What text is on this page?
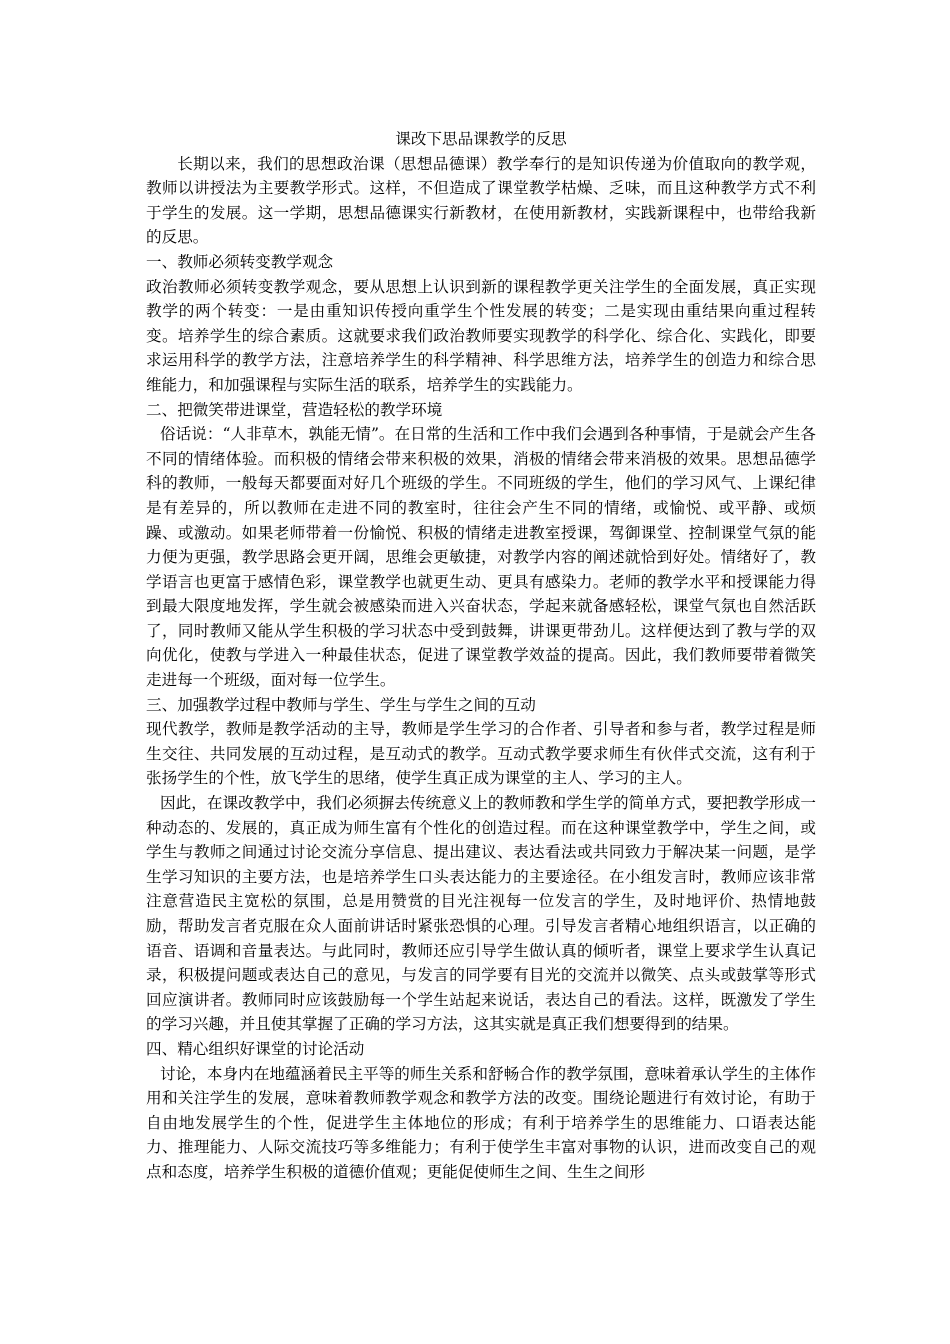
课改下思品课教学的反思

长期以来，我们的思想政治课（思想品德课）教学奉行的是知识传递为价值取向的教学观，教师以讲授法为主要教学形式。这样，不但造成了课堂教学枯燥、乏味，而且这种教学方式不利于学生的发展。这一学期，思想品德课实行新教材，在使用新教材，实践新课程中，也带给我新的反思。

一、教师必须转变教学观念

政治教师必须转变教学观念，要从思想上认识到新的课程教学更关注学生的全面发展，真正实现教学的两个转变：一是由重知识传授向重学生个性发展的转变；二是实现由重结果向重过程转变。培养学生的综合素质。这就要求我们政治教师要实现教学的科学化、综合化、实践化，即要求运用科学的教学方法，注意培养学生的科学精神、科学思维方法，培养学生的创造力和综合思维能力，和加强课程与实际生活的联系，培养学生的实践能力。

二、把微笑带进课堂，营造轻松的教学环境

俗话说：“人非草木，孰能无情”。在日常的生活和工作中我们会遇到各种事情，于是就会产生各不同的情绪体验。而积极的情绪会带来积极的效果，消极的情绪会带来消极的效果。思想品德学科的教师，一般每天都要面对好几个班级的学生。不同班级的学生，他们的学习风气、上课纪律是有差异的，所以教师在走进不同的教室时，往往会产生不同的情绪，或愉悦、或平静、或烦躁、或激动。如果老师带着一份愉悦、积极的情绪走进教室授课，驾御课堂、控制课堂气氛的能力便为更强，教学思路会更开阔，思维会更敏捷，对教学内容的阐述就恰到好处。情绪好了，教学语言也更富于感情色彩，课堂教学也就更生动、更具有感染力。老师的教学水平和授课能力得到最大限度地发挥，学生就会被感染而进入兴奋状态，学起来就备感轻松，课堂气氛也自然活跃了，同时教师又能从学生积极的学习状态中受到鼓舞，讲课更带劲儿。这样便达到了教与学的双向优化，使教与学进入一种最佳状态，促进了课堂教学效益的提高。因此，我们教师要带着微笑走进每一个班级，面对每一位学生。

三、加强教学过程中教师与学生、学生与学生之间的互动

现代教学，教师是教学活动的主导，教师是学生学习的合作者、引导者和参与者，教学过程是师生交往、共同发展的互动过程，是互动式的教学。互动式教学要求师生有伙伴式交流，这有利于张扬学生的个性，放飞学生的思绪，使学生真正成为课堂的主人、学习的主人。

因此，在课改教学中，我们必须摒去传统意义上的教师教和学生学的简单方式，要把教学形成一种动态的、发展的，真正成为师生富有个性化的创造过程。而在这种课堂教学中，学生之间，或学生与教师之间通过讨论交流分享信息、提出建议、表达看法或共同致力于解决某一问题，是学生学习知识的主要方法，也是培养学生口头表达能力的主要途径。在小组发言时，教师应该非常注意营造民主宽松的氛围，总是用赞赏的目光注视每一位发言的学生，及时地评价、热情地鼓励，帮助发言者克服在众人面前讲话时紧张恐惧的心理。引导发言者精心地组织语言，以正确的语音、语调和音量表达。与此同时，教师还应引导学生做认真的倾听者，课堂上要求学生认真记录，积极提问题或表达自己的意见，与发言的同学要有目光的交流并以微笑、点头或鼓掌等形式回应演讲者。教师同时应该鼓励每一个学生站起来说话，表达自己的看法。这样，既激发了学生的学习兴趣，并且使其掌握了正确的学习方法，这其实就是真正我们想要得到的结果。

四、精心组织好课堂的讨论活动

讨论，本身内在地蕴涵着民主平等的师生关系和舒畅合作的教学氛围，意味着承认学生的主体作用和关注学生的发展，意味着教师教学观念和教学方法的改变。围绕论题进行有效讨论，有助于自由地发展学生的个性，促进学生主体地位的形成；有利于培养学生的思维能力、口语表达能力、推理能力、人际交流技巧等多维能力；有利于使学生丰富对事物的认识，进而改变自己的观点和态度，培养学生积极的道德价值观；更能促使师生之间、生生之间形
